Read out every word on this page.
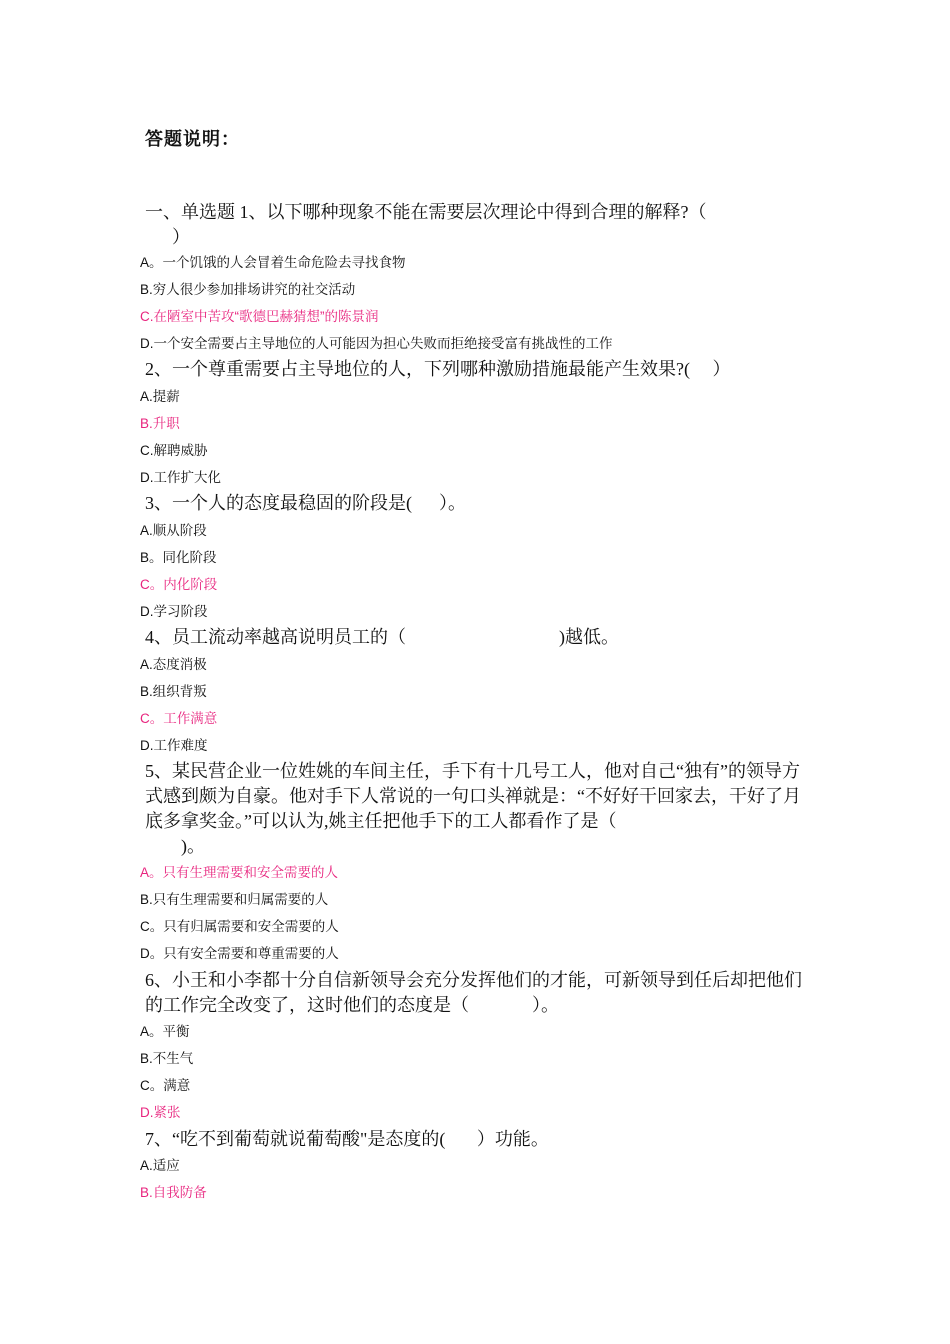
答题说明：
一、单选题 1、以下哪种现象不能在需要层次理论中得到合理的解释?（
）
A。一个饥饿的人会冒着生命危险去寻找食物
B.穷人很少参加排场讲究的社交活动
C.在陋室中苦攻“歌德巴赫猜想”的陈景润
D.一个安全需要占主导地位的人可能因为担心失败而拒绝接受富有挑战性的工作
2、一个尊重需要占主导地位的人，下列哪种激励措施最能产生效果?(     ）
A.提薪
B.升职
C.解聘威胁
D.工作扩大化
3、一个人的态度最稳固的阶段是(      ）。
A.顺从阶段
B。同化阶段
C。内化阶段
D.学习阶段
4、员工流动率越高说明员工的（                                  )越低。
A.态度消极
B.组织背叛
C。工作满意
D.工作难度
5、某民营企业一位姓姚的车间主任，手下有十几号工人，他对自己“独有”的领导方式感到颇为自豪。他对手下人常说的一句口头禅就是：“不好好干回家去，干好了月底多拿奖金。”可以认为,姚主任把他手下的工人都看作了是（
)。
A。只有生理需要和安全需要的人
B.只有生理需要和归属需要的人
C。只有归属需要和安全需要的人
D。只有安全需要和尊重需要的人
6、小王和小李都十分自信新领导会充分发挥他们的才能，可新领导到任后却把他们的工作完全改变了，这时他们的态度是（              ）。
A。平衡
B.不生气
C。满意
D.紧张
7、“吃不到葡萄就说葡萄酸"是态度的(       ）功能。
A.适应
B.自我防备
